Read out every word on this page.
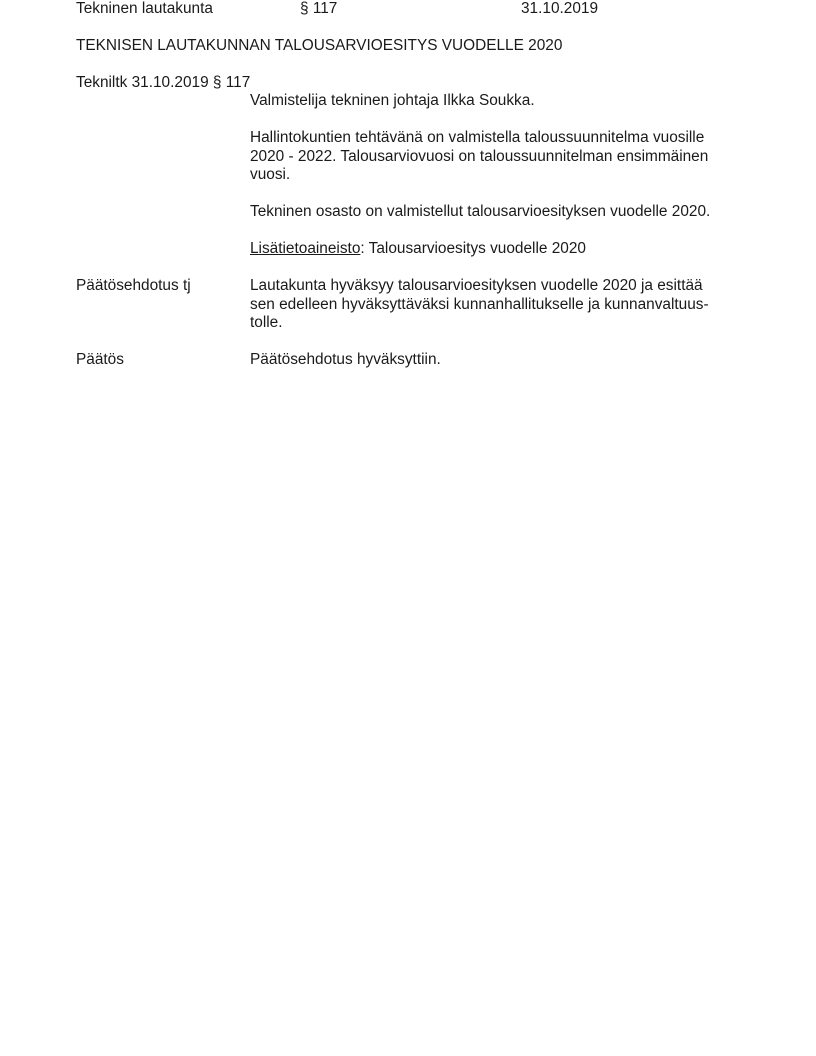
Tekninen lautakunta	§ 117	31.10.2019
TEKNISEN LAUTAKUNNAN TALOUSARVIOESITYS VUODELLE 2020
Tekniltk 31.10.2019 § 117
Valmistelija tekninen johtaja Ilkka Soukka.
Hallintokuntien tehtävänä on valmistella taloussuunnitelma vuosille
2020 - 2022. Talousarviovuosi on taloussuunnitelman ensimmäinen
vuosi.
Tekninen osasto on valmistellut talousarvioesityksen vuodelle 2020.
Lisätietoaineisto: Talousarvioesitys vuodelle 2020
Päätösehdotus tj	Lautakunta hyväksyy talousarvioesityksen vuodelle 2020 ja esittää
sen edelleen hyväksyttäväksi kunnanhallitukselle ja kunnanvaltuus-
tolle.
Päätös	Päätösehdotus hyväksyttiin.
